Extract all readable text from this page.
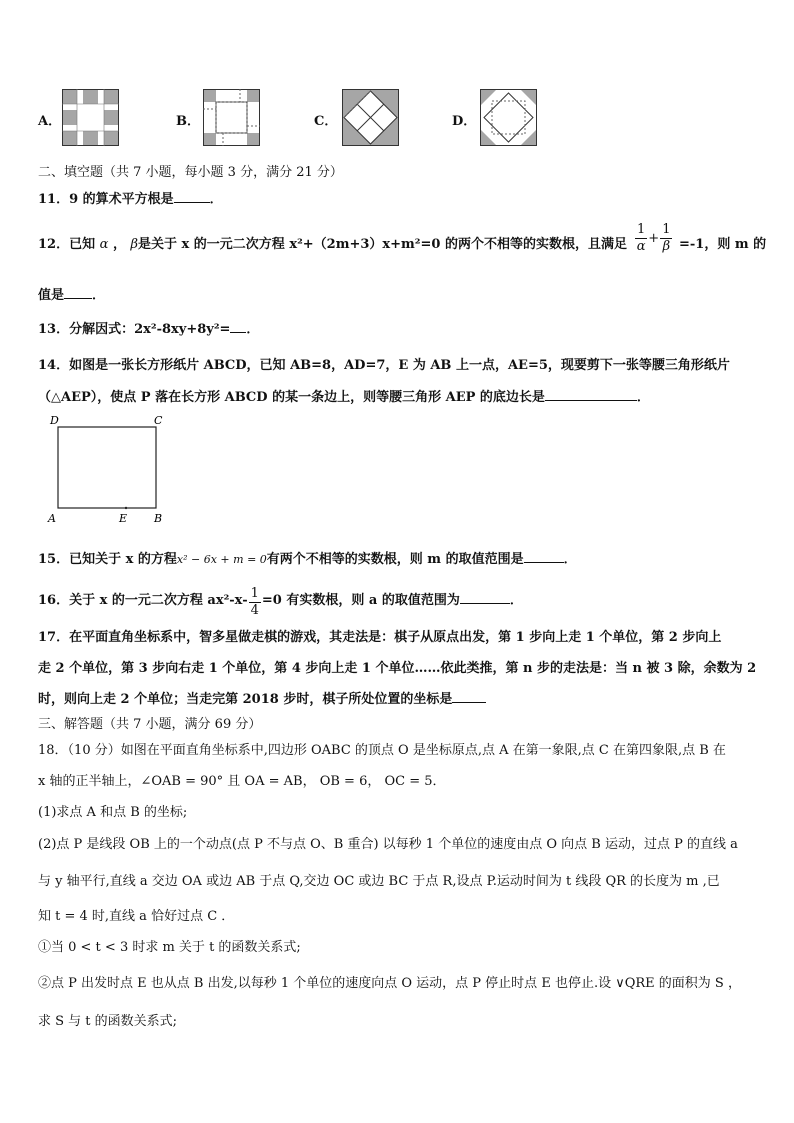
A．	B．	C．	D．
二、填空题（共 7 小题，每小题 3 分，满分 21 分）
11．9 的算术平方根是	．
12．已知 α ， β是关于 x 的一元二次方程 x²+（2m+3）x+m²=0 的两个不相等的实数根，且满足 $\frac{1}{\alpha} + \frac{1}{\beta} =-1$，则 m 的
值是 ．
13．分解因式：2x²-8xy+8y²= ．
14．如图是一张长方形纸片 ABCD，已知 AB=8，AD=7，E 为 AB 上一点，AE=5，现要剪下一张等腰三角形纸片
（△AEP），使点 P 落在长方形 ABCD 的某一条边上，则等腰三角形 AEP 的底边长是	．
D	C
A	E B
15．已知关于 x 的方程x² − 6x + m = 0有两个不相等的实数根，则 m 的取值范围是	．
16．关于 x 的一元二次方程 $ax^2-x- \frac{1}{4} =0$ 有实数根，则 a 的取值范围为	．
17．在平面直角坐标系中，智多星做走棋的游戏，其走法是：棋子从原点出发，第 1 步向上走 1 个单位，第 2 步向上
走 2 个单位，第 3 步向右走 1 个单位，第 4 步向上走 1 个单位……依此类推，第 n 步的走法是：当 n 被 3 除，余数为 2
时，则向上走 2 个单位；当走完第 2018 步时，棋子所处位置的坐标是
三、解答题（共 7 小题，满分 69 分）
18．（10 分）如图在平面直角坐标系中,四边形 OABC 的顶点 O 是坐标原点,点 A 在第一象限,点 C 在第四象限,点 B 在
x 轴的正半轴上，∠OAB = 90° 且 OA = AB， OB = 6， OC = 5．
(1)求点 A 和点 B 的坐标;
(2)点 P 是线段 OB 上的一个动点(点 P 不与点 O、B 重合) 以每秒 1 个单位的速度由点 O 向点 B 运动，过点 P 的直线 a
与 y 轴平行,直线 a 交边 OA 或边 AB 于点 Q,交边 OC 或边 BC 于点 R,设点 P.运动时间为 t 线段 QR 的长度为 m ,已
知 t = 4 时,直线 a 恰好过点 C ．
①当 0 < t < 3 时求 m 关于 t 的函数关系式;
②点 P 出发时点 E 也从点 B 出发,以每秒 1 个单位的速度向点 O 运动，点 P 停止时点 E 也停止.设 ∨QRE 的面积为 S ，
求 S 与 t 的函数关系式;
